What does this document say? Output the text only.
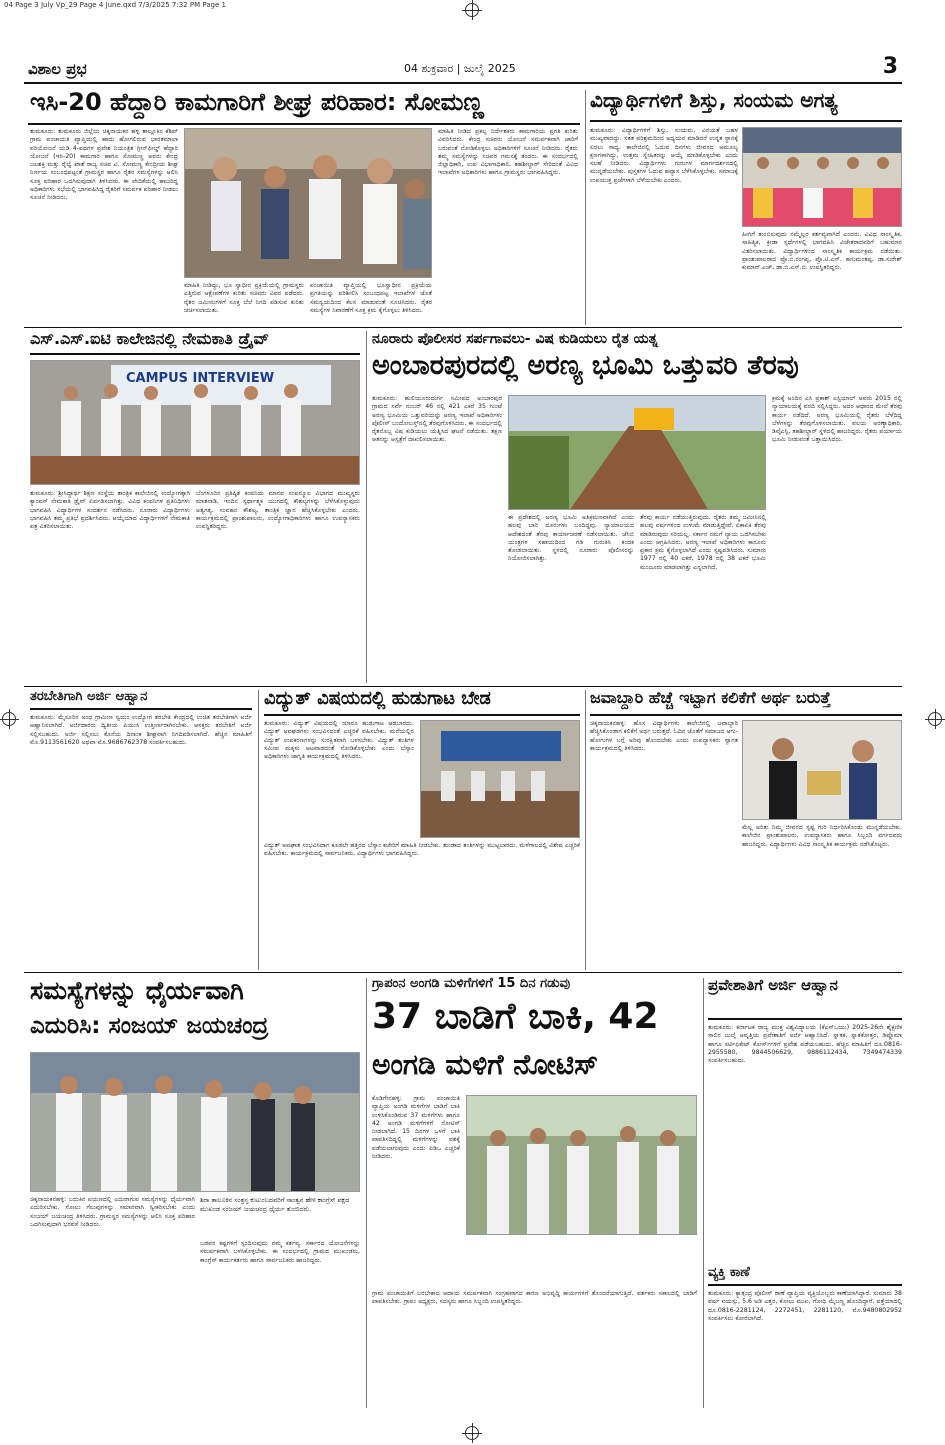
04 Page 3 July Vp_29 Page 4 June.qxd 7/3/2025 7:32 PM Page 1
ವಿಶಾಲ ಪ್ರಭ	04 ಶುಕ್ರವಾರ | ಜುಲೈ 2025	3
ಇಸಿ-20 ಹೆದ್ದಾರಿ ಕಾಮಗಾರಿಗೆ ಶೀಘ್ರ ಪರಿಹಾರ: ಸೋಮಣ್ಣ
ತುಮಕೂರು: ತುಮಕೂರು ಜಿಲ್ಲೆಯ ಚಿಕ್ಕನಾಯಕನ ಹಳ್ಳಿ ತಾಲ್ಲೂಕಿನ ಕೆಶಿಪ್ ಗ್ರಾಮ ಪಂಚಾಯತಿ ವ್ಯಾಪ್ತಿಯಲ್ಲಿ ಹಾದು ಹೋಗಲಿರುವ ಭಾರತಮಾಲಾ ಪರಿಯೋಜನೆ ಯಡಿ 4-ಪಥಗಳ ಪ್ರವೇಶ ನಿಯಂತ್ರಿತ ಗ್ರೀನ್‌ಫೀಲ್ಡ್ ಹೆದ್ದಾರಿ ಯೋಜನೆ (ಇಸಿ-20) ಕಾಮಗಾರಿ ಹಾಗೂ ಸೋಮಣ್ಣ ಅವರು ಕೇಂದ್ರ ಜಲಶಕ್ತಿ ಮತ್ತು ರೈಲ್ವೆ ಖಾತೆ ರಾಜ್ಯ ಸಚಿವ ವಿ. ಸೋಮಣ್ಣ ಕೇಂದ್ರೀಯ ಶೀಘ್ರ ನಿರ್ಣಯ ಸಂಬಂಧಪಟ್ಟಂತೆ ಗ್ರಾಮಸ್ಥರ ಹಾಗೂ ರೈತರ ಸಮಸ್ಯೆಗಳನ್ನು ಆಲಿಸಿ ಸೂಕ್ತ ಪರಿಹಾರ ಒದಗಿಸುವುದಾಗಿ ತಿಳಿಸಿದರು. ಈ ವೇದಿಕೆಯಲ್ಲಿ ಹಾಜರಿದ್ದ ಅಧಿಕಾರಿಗಳು ಸಭೆಯಲ್ಲಿ ಭಾಗವಹಿಸಿದ್ದ ರೈತರಿಗೆ ಸಮರ್ಪಕ ಪರಿಹಾರ ನೀಡಲು ಸೂಚನೆ ನೀಡಿದರು.
ಮಾಹಿತಿ ನೀಡಿದ್ದು, ಭೂ ಸ್ವಾಧೀನ ಪ್ರಕ್ರಿಯೆಯಲ್ಲಿ ಗ್ರಾಮಸ್ಥರು ಎತ್ತಿರುವ ಆಕ್ಷೇಪಣೆಗಳ ಕುರಿತು ಸಚಿವರು ವಿವರ ಪಡೆದರು. ರೈತರ ಜಮೀನುಗಳಿಗೆ ಸೂಕ್ತ ಬೆಲೆ ನಿಗದಿ ಪಡಿಸುವ ಕುರಿತು ಚರ್ಚಿಸಲಾಯಿತು.
ಪಂಚಾಯಿತಿ ವ್ಯಾಪ್ತಿಯಲ್ಲಿ ಭೂಸ್ವಾಧೀನ ಪ್ರಕ್ರಿಯೆಯ ಪ್ರಗತಿಯನ್ನು ಪರಿಶೀಲಿಸಿ ಸಂಬಂಧಪಟ್ಟ ಇಲಾಖೆಗಳ ಜೊತೆ ಸಮನ್ವಯದಿಂದ ಕೆಲಸ ಮಾಡುವಂತೆ ಸೂಚಿಸಿದರು. ರೈತರ ಸಮಸ್ಯೆಗಳ ನಿವಾರಣೆಗೆ ಸೂಕ್ತ ಕ್ರಮ ಕೈಗೊಳ್ಳಲು ತಿಳಿಸಿದರು.
ಮಾಹಿತಿ ನೀಡಿದ ಪ್ರಕಲ್ಪ ನಿರ್ದೇಶಕರು ಕಾಮಗಾರಿಯ ಪ್ರಗತಿ ಕುರಿತು ವಿವರಿಸಿದರು. ಕೇಂದ್ರ ಸಚಿವರು ಯೋಜನೆ ಸಮರ್ಪಕವಾಗಿ ಜಾರಿಗೆ ಬರುವಂತೆ ನೋಡಿಕೊಳ್ಳಲು ಅಧಿಕಾರಿಗಳಿಗೆ ಸೂಚನೆ ನೀಡಿದರು. ರೈತರು ತಮ್ಮ ಸಮಸ್ಯೆಗಳನ್ನು ಸಚಿವರ ಗಮನಕ್ಕೆ ತಂದರು. ಈ ಸಂದರ್ಭದಲ್ಲಿ ಜಿಲ್ಲಾಧಿಕಾರಿ, ಉಪ ವಿಭಾಗಾಧಿಕಾರಿ, ತಹಶೀಲ್ದಾರ್ ಸೇರಿದಂತೆ ವಿವಿಧ ಇಲಾಖೆಗಳ ಅಧಿಕಾರಿಗಳು ಹಾಗೂ ಗ್ರಾಮಸ್ಥರು ಭಾಗವಹಿಸಿದ್ದರು.
ವಿದ್ಯಾರ್ಥಿಗಳಿಗೆ ಶಿಸ್ತು, ಸಂಯಮ ಅಗತ್ಯ
ತುಮಕೂರು: ವಿದ್ಯಾರ್ಥಿಗಳಿಗೆ ಶಿಸ್ತು, ಸಂಯಮ, ವಿನಯತೆ ಬಹಳ ಮುಖ್ಯವಾದದ್ದು. ಸತತ ಪರಿಶ್ರಮದಿಂದ ಅಧ್ಯಯನ ಮಾಡಿದರೆ ಉನ್ನತ ಸ್ಥಾನಕ್ಕೆ ಏರಲು ಸಾಧ್ಯ. ಕಾಲೇಜಿನಲ್ಲಿ ಓದುವ ದಿನಗಳು ಜೀವನದ ಅಮೂಲ್ಯ ಕ್ಷಣಗಳಾಗಿದ್ದು, ಉತ್ತಮ ಸ್ನೇಹಿತರನ್ನು ಆಯ್ಕೆ ಮಾಡಿಕೊಳ್ಳಬೇಕು ಎಂದು ಸಲಹೆ ನೀಡಿದರು. ವಿದ್ಯಾರ್ಥಿಗಳು ಗುರುಗಳ ಮಾರ್ಗದರ್ಶನದಲ್ಲಿ ಮುನ್ನಡೆಯಬೇಕು. ಪುಸ್ತಕಗಳ ಓದುವ ಹವ್ಯಾಸ ಬೆಳೆಸಿಕೊಳ್ಳಬೇಕು. ಸಮಾಜಕ್ಕೆ ಉಪಯುಕ್ತ ಪ್ರಜೆಗಳಾಗಿ ಬೆಳೆಯಬೇಕು ಎಂದರು.
ಹೀಗಿಗೆ ತುಂಬಿಸುವುದು ನಮ್ಮೆಲ್ಲರ ಕರ್ತವ್ಯವಾಗಿದೆ ಎಂದರು. ವಿವಿಧ ಸಾಂಸ್ಕೃತಿಕ, ಸಾಹಿತ್ಯಿಕ, ಕ್ರೀಡಾ ಸ್ಪರ್ಧೆಗಳಲ್ಲಿ ಭಾಗವಹಿಸಿ ವಿಜೇತರಾದವರಿಗೆ ಬಹುಮಾನ ವಿತರಿಸಲಾಯಿತು. ವಿದ್ಯಾರ್ಥಿಗಳಿಂದ ಸಾಂಸ್ಕೃತಿಕ ಕಾರ್ಯಕ್ರಮ ನಡೆಯಿತು. ಪ್ರಾಂಶುಪಾಲರಾದ ಪ್ರೊ.ಬಿ.ರಂಗಪ್ಪ, ಪ್ರೊ.ಟಿ.ಎನ್. ಹನುಮಂತಪ್ಪ, ಡಾ.ಸುರೇಶ್ ಕುಮಾರ್.ಎಚ್, ಡಾ.ಬಿ.ಎಸ್.ಬಿ. ಉಪಸ್ಥಿತರಿದ್ದರು.
ಎಸ್.ಎಸ್.ಐಟಿ ಕಾಲೇಜಿನಲ್ಲಿ ನೇಮಕಾತಿ ಡ್ರೈವ್
CAMPUS INTERVIEW
ತುಮಕೂರು: ಶ್ರೀಸಿದ್ಧಾರ್ಥ ಶಿಕ್ಷಣ ಸಂಸ್ಥೆಯ ತಾಂತ್ರಿಕ ಕಾಲೇಜಿನಲ್ಲಿ ಉದ್ಯೋಗಕ್ಕಾಗಿ ಕ್ಯಾಂಪಸ್ ನೇಮಕಾತಿ ಡ್ರೈವ್ ಏರ್ಪಡಿಸಲಾಗಿತ್ತು. ವಿವಿಧ ಕಂಪನಿಗಳ ಪ್ರತಿನಿಧಿಗಳು ಭಾಗವಹಿಸಿ ವಿದ್ಯಾರ್ಥಿಗಳ ಸಂದರ್ಶನ ನಡೆಸಿದರು. ನೂರಾರು ವಿದ್ಯಾರ್ಥಿಗಳು ಭಾಗವಹಿಸಿ ತಮ್ಮ ಪ್ರತಿಭೆ ಪ್ರದರ್ಶಿಸಿದರು. ಆಯ್ಕೆಯಾದ ವಿದ್ಯಾರ್ಥಿಗಳಿಗೆ ನೇಮಕಾತಿ ಪತ್ರ ವಿತರಿಸಲಾಯಿತು.
ಬೆಂಗಳೂರಿನ ಪ್ರತಿಷ್ಠಿತ ಕಂಪನಿಯ ಮಾನವ ಸಂಪನ್ಮೂಲ ವಿಭಾಗದ ಮುಖ್ಯಸ್ಥರು ಮಾತನಾಡಿ, ಇಂದಿನ ಸ್ಪರ್ಧಾತ್ಮಕ ಯುಗದಲ್ಲಿ ಕೌಶಲ್ಯಗಳನ್ನು ಬೆಳೆಸಿಕೊಳ್ಳುವುದು ಅತ್ಯಗತ್ಯ. ಸಂವಹನ ಕೌಶಲ್ಯ, ತಾಂತ್ರಿಕ ಜ್ಞಾನ ಹೆಚ್ಚಿಸಿಕೊಳ್ಳಬೇಕು ಎಂದರು. ಕಾರ್ಯಕ್ರಮದಲ್ಲಿ ಪ್ರಾಂಶುಪಾಲರು, ಉದ್ಯೋಗಾಧಿಕಾರಿಗಳು ಹಾಗೂ ಉಪನ್ಯಾಸಕರು ಉಪಸ್ಥಿತರಿದ್ದರು.
ನೂರಾರು ಪೊಲೀಸರ ಸರ್ಪಗಾವಲು- ವಿಷ ಕುಡಿಯಲು ರೈತ ಯತ್ನ
ಅಂಬಾರಪುರದಲ್ಲಿ ಅರಣ್ಯ ಭೂಮಿ ಒತ್ತುವರಿ ತೆರವು
ತುಮಕೂರು: ಹುಲಿಯೂರುದುರ್ಗ ಸಮೀಪದ ಅಂಬಾರಪುರ ಗ್ರಾಮದ ಸರ್ವೆ ನಂಬರ್ 46 ರಲ್ಲಿ 421 ಎಕರೆ 35 ಗುಂಟೆ ಅರಣ್ಯ ಭೂಮಿಯ ಒತ್ತುವರಿಯನ್ನು ಅರಣ್ಯ ಇಲಾಖೆ ಅಧಿಕಾರಿಗಳು ಪೊಲೀಸ್ ಬಂದೋಬಸ್ತ್‌ನಲ್ಲಿ ತೆರವುಗೊಳಿಸಿದರು. ಈ ಸಂದರ್ಭದಲ್ಲಿ ರೈತನೊಬ್ಬ ವಿಷ ಕುಡಿಯಲು ಯತ್ನಿಸಿದ ಘಟನೆ ನಡೆಯಿತು. ತಕ್ಷಣ ಆತನನ್ನು ಆಸ್ಪತ್ರೆಗೆ ದಾಖಲಿಸಲಾಯಿತು.
ಈ ಪ್ರದೇಶದಲ್ಲಿ ಅರಣ್ಯ ಭೂಮಿ ಅತಿಕ್ರಮಣವಾಗಿದೆ ಎಂದು ಹಲವು ಬಾರಿ ದೂರುಗಳು ಬಂದಿದ್ದವು. ನ್ಯಾಯಾಲಯದ ಆದೇಶದಂತೆ ತೆರವು ಕಾರ್ಯಾಚರಣೆ ನಡೆಸಲಾಯಿತು. ಜೆಸಿಬಿ ಯಂತ್ರಗಳ ಸಹಾಯದಿಂದ ಗಡಿ ಗುರುತಿಸಿ ಕಂದಕ ತೋಡಲಾಯಿತು. ಸ್ಥಳದಲ್ಲಿ ನೂರಾರು ಪೊಲೀಸರನ್ನು ನಿಯೋಜಿಸಲಾಗಿತ್ತು.
ತೆರವು ಕಾರ್ಯ ನಡೆಯುತ್ತಿರುವುದು. ರೈತರು ತಮ್ಮ ಜಮೀನಿನಲ್ಲಿ ಹಲವು ವರ್ಷಗಳಿಂದ ಉಳುಮೆ ಮಾಡುತ್ತಿದ್ದೇವೆ. ಏಕಾಏಕಿ ತೆರವು ಮಾಡಿರುವುದು ಸರಿಯಲ್ಲ. ಸರ್ಕಾರ ನಮಗೆ ನ್ಯಾಯ ಒದಗಿಸಬೇಕು ಎಂದು ಆಗ್ರಹಿಸಿದರು. ಅರಣ್ಯ ಇಲಾಖೆ ಅಧಿಕಾರಿಗಳು ಕಾನೂನು ಪ್ರಕಾರ ಕ್ರಮ ಕೈಗೊಳ್ಳಲಾಗಿದೆ ಎಂದು ಸ್ಪಷ್ಟಪಡಿಸಿದರು. ಸುಮಾರು 1977 ರಲ್ಲಿ 40 ಎಕರೆ, 1978 ರಲ್ಲಿ 38 ಎಕರೆ ಭೂಮಿ ಮಂಜೂರು ಮಾಡಲಾಗಿತ್ತು ಎನ್ನಲಾಗಿದೆ.
ಕ್ರಮಕ್ಕೆ ಅಂದಿನ ಎಸಿ ಪ್ರಕಾಶ್ ಎಸ್ಟಿಯಾಲ್ ಅವರು 2015 ರಲ್ಲಿ ನ್ಯಾಯಾಲಯಕ್ಕೆ ವರದಿ ಸಲ್ಲಿಸಿದ್ದರು. ಅದರ ಆಧಾರದ ಮೇಲೆ ತೆರವು ಕಾರ್ಯ ನಡೆದಿದೆ. ಅರಣ್ಯ ಭೂಮಿಯಲ್ಲಿ ರೈತರು ಬೆಳೆದಿದ್ದ ಬೆಳೆಗಳನ್ನು ತೆರವುಗೊಳಿಸಲಾಯಿತು. ವಲಯ ಅರಣ್ಯಾಧಿಕಾರಿ, ಡಿವೈಎಸ್ಪಿ, ತಹಶೀಲ್ದಾರ್ ಸ್ಥಳದಲ್ಲಿ ಹಾಜರಿದ್ದರು. ರೈತರು ಪರ್ಯಾಯ ಭೂಮಿ ನೀಡುವಂತೆ ಒತ್ತಾಯಿಸಿದರು.
ತರಬೇತಿಗಾಗಿ ಅರ್ಜಿ ಆಹ್ವಾನ
ತುಮಕೂರು: ಮೈಸೂರಿನ ಅಂಧ ಗ್ರಾಮೀಣ ಸ್ವಯಂ ಉದ್ಯೋಗ ತರಬೇತಿ ಕೇಂದ್ರದಲ್ಲಿ ಉಚಿತ ತರಬೇತಿಗಾಗಿ ಅರ್ಜಿ ಆಹ್ವಾನಿಸಲಾಗಿದೆ. ಅರ್ಜಿದಾರರು ದ್ವಿತೀಯ ಪಿಯುಸಿ ಉತ್ತೀರ್ಣರಾಗಿರಬೇಕು. ಆಸಕ್ತರು ತರಬೇತಿಗೆ ಅರ್ಜಿ ಸಲ್ಲಿಸಬಹುದು. ಅರ್ಜಿ ಸಲ್ಲಿಸಲು ಕೊನೆಯ ದಿನಾಂಕ ಶೀಘ್ರವಾಗಿ ನಿಗದಿಪಡಿಸಲಾಗಿದೆ. ಹೆಚ್ಚಿನ ಮಾಹಿತಿಗೆ ಮೊ.9113561620 ಅಥವಾ ಮೊ.9686762378 ಸಂಪರ್ಕಿಸಬಹುದು.
ವಿದ್ಯುತ್ ವಿಷಯದಲ್ಲಿ ಹುಡುಗಾಟ ಬೇಡ
ತುಮಕೂರು: ವಿದ್ಯುತ್ ವಿಷಯದಲ್ಲಿ ಯಾರೂ ಹುಡುಗಾಟ ಆಡಬಾರದು. ವಿದ್ಯುತ್ ಅವಘಡಗಳು ಸಂಭವಿಸದಂತೆ ಎಚ್ಚರಿಕೆ ವಹಿಸಬೇಕು. ಮನೆಯಲ್ಲಿನ ವಿದ್ಯುತ್ ಉಪಕರಣಗಳನ್ನು ಸುರಕ್ಷಿತವಾಗಿ ಬಳಸಬೇಕು. ವಿದ್ಯುತ್ ತಂತಿಗಳ ಸಮೀಪ ಮಕ್ಕಳು ಆಟವಾಡದಂತೆ ನೋಡಿಕೊಳ್ಳಬೇಕು ಎಂದು ಬೆಸ್ಕಾಂ ಅಧಿಕಾರಿಗಳು ಜಾಗೃತಿ ಕಾರ್ಯಕ್ರಮದಲ್ಲಿ ತಿಳಿಸಿದರು.
ವಿದ್ಯುತ್ ಅಪಘಾತ ಸಂಭವಿಸಿದಾಗ ಕೂಡಲೇ ಹತ್ತಿರದ ಬೆಸ್ಕಾಂ ಕಚೇರಿಗೆ ಮಾಹಿತಿ ನೀಡಬೇಕು. ತುಂಡಾದ ತಂತಿಗಳನ್ನು ಮುಟ್ಟಬಾರದು. ಮಳೆಗಾಲದಲ್ಲಿ ವಿಶೇಷ ಎಚ್ಚರಿಕೆ ವಹಿಸಬೇಕು. ಕಾರ್ಯಕ್ರಮದಲ್ಲಿ ಸಾರ್ವಜನಿಕರು, ವಿದ್ಯಾರ್ಥಿಗಳು ಭಾಗವಹಿಸಿದ್ದರು.
ಜವಾಬ್ದಾರಿ ಹೆಚ್ಚೆ ಇಟ್ಟಾಗ ಕಲಿಕೆಗೆ ಅರ್ಥ ಬರುತ್ತೆ
ಚಿಕ್ಕನಾಯಕನಹಳ್ಳಿ: ಹೊಸ ವಿದ್ಯಾರ್ಥಿಗಳು ಕಾಲೇಜಿನಲ್ಲಿ ಜವಾಬ್ದಾರಿ ಹೆಚ್ಚಿಸಿಕೊಂಡಾಗ ಕಲಿಕೆಗೆ ಅರ್ಥ ಬರುತ್ತದೆ. ಓದಿನ ಜೊತೆಗೆ ಸಮಾಜದ ಆಗು-ಹೋಗುಗಳ ಬಗ್ಗೆ ಅರಿವು ಹೊಂದಬೇಕು ಎಂದು ಉಪನ್ಯಾಸಕರು ಸ್ವಾಗತ ಕಾರ್ಯಕ್ರಮದಲ್ಲಿ ತಿಳಿಸಿದರು.
ಮೆಲ್ಲ ಅರಿತು ನಿಮ್ಮ ಜೀವನದ ಸ್ಪಷ್ಟ ಗುರಿ ನಿರ್ಧರಿಸಿಕೊಂಡು ಮುನ್ನಡೆಯಬೇಕು. ಕಾಲೇಜಿನ ಪ್ರಾಂಶುಪಾಲರು, ಉಪನ್ಯಾಸಕರು ಹಾಗೂ ಸಿಬ್ಬಂದಿ ವರ್ಗದವರು ಹಾಜರಿದ್ದರು. ವಿದ್ಯಾರ್ಥಿಗಳು ವಿವಿಧ ಸಾಂಸ್ಕೃತಿಕ ಕಾರ್ಯಕ್ರಮ ನಡೆಸಿಕೊಟ್ಟರು.
ಸಮಸ್ಯೆಗಳನ್ನು ಧೈರ್ಯವಾಗಿ
ಎದುರಿಸಿ: ಸಂಜಯ್ ಜಯಚಂದ್ರ
ಚಿಕ್ಕನಾಯಕನಹಳ್ಳಿ: ಬದುಕಿನ ಪಯಣದಲ್ಲಿ ಎದುರಾಗುವ ಸಮಸ್ಯೆಗಳನ್ನು ಧೈರ್ಯವಾಗಿ ಎದುರಿಸಬೇಕು. ಸೋಲು ಗೆಲುವುಗಳನ್ನು ಸಮಾನವಾಗಿ ಸ್ವೀಕರಿಸಬೇಕು ಎಂದು ಸಂಜಯ್ ಜಯಚಂದ್ರ ತಿಳಿಸಿದರು. ಗ್ರಾಮಸ್ಥರ ಸಮಸ್ಯೆಗಳನ್ನು ಆಲಿಸಿ ಸೂಕ್ತ ಪರಿಹಾರ ಒದಗಿಸುವುದಾಗಿ ಭರವಸೆ ನೀಡಿದರು.
ಶಿರಾ ತಾಲೂಕಿನ ಸಂತ್ರಸ್ತ ಕುಟುಂಬದವರಿಗೆ ಸಾಂತ್ವನ ಹೇಳಿ ಕಾಂಗ್ರೆಸ್ ಪಕ್ಷದ ಮುಖಂಡ ಸಂಜಯ್ ಜಯಚಂದ್ರ ಧೈರ್ಯ ತುಂಬಿದರು.
ಬಡವರ ಕಷ್ಟಗಳಿಗೆ ಸ್ಪಂದಿಸುವುದು ನಮ್ಮ ಕರ್ತವ್ಯ. ಸರ್ಕಾರದ ಯೋಜನೆಗಳನ್ನು ಸಮರ್ಪಕವಾಗಿ ಬಳಸಿಕೊಳ್ಳಬೇಕು. ಈ ಸಂದರ್ಭದಲ್ಲಿ ಗ್ರಾಮದ ಮುಖಂಡರು, ಕಾಂಗ್ರೆಸ್ ಕಾರ್ಯಕರ್ತರು ಹಾಗೂ ಸಾರ್ವಜನಿಕರು ಹಾಜರಿದ್ದರು.
ಗ್ರಾಪಂನ ಅಂಗಡಿ ಮಳಿಗೆಗಳಿಗೆ 15 ದಿನ ಗಡುವು
37 ಬಾಡಿಗೆ ಬಾಕಿ, 42
ಅಂಗಡಿ ಮಳಿಗೆ ನೋಟಿಸ್
ಕೊಡಿಗೇನಹಳ್ಳಿ: ಗ್ರಾಮ ಪಂಚಾಯಿತಿ ವ್ಯಾಪ್ತಿಯ ಅಂಗಡಿ ಮಳಿಗೆಗಳ ಬಾಡಿಗೆ ಬಾಕಿ ಉಳಿಸಿಕೊಂಡಿರುವ 37 ಮಳಿಗೆಗಳು ಹಾಗೂ 42 ಅಂಗಡಿ ಮಳಿಗೆಗಳಿಗೆ ನೋಟಿಸ್ ನೀಡಲಾಗಿದೆ. 15 ದಿನಗಳ ಒಳಗೆ ಬಾಕಿ ಪಾವತಿಸದಿದ್ದಲ್ಲಿ ಮಳಿಗೆಗಳನ್ನು ವಶಕ್ಕೆ ಪಡೆಯಲಾಗುವುದು ಎಂದು ಪಿಡಿಒ ಎಚ್ಚರಿಕೆ ನೀಡಿದರು.
ಗ್ರಾಮ ಪಂಚಾಯಿತಿಗೆ ಬರಬೇಕಾದ ಆದಾಯ ಸಮರ್ಪಕವಾಗಿ ಸಂಗ್ರಹವಾಗದ ಕಾರಣ ಅಭಿವೃದ್ಧಿ ಕಾರ್ಯಗಳಿಗೆ ತೊಂದರೆಯಾಗುತ್ತಿದೆ. ವರ್ತಕರು ಸಕಾಲದಲ್ಲಿ ಬಾಡಿಗೆ ಪಾವತಿಸಬೇಕು. ಗ್ರಾಪಂ ಅಧ್ಯಕ್ಷರು, ಸದಸ್ಯರು ಹಾಗೂ ಸಿಬ್ಬಂದಿ ಉಪಸ್ಥಿತರಿದ್ದರು.
ಪ್ರವೇಶಾತಿಗೆ ಅರ್ಜಿ ಆಹ್ವಾನ
ತುಮಕೂರು: ಕರ್ನಾಟಕ ರಾಜ್ಯ ಮುಕ್ತ ವಿಶ್ವವಿದ್ಯಾಲಯ (ಕೆಎಸ್‌ಒಯು) 2025-26ನೇ ಶೈಕ್ಷಣಿಕ ಸಾಲಿನ ಜುಲೈ ಆವೃತ್ತಿಯ ಪ್ರವೇಶಾತಿಗೆ ಅರ್ಜಿ ಆಹ್ವಾನಿಸಿದೆ. ಸ್ನಾತಕ, ಸ್ನಾತಕೋತ್ತರ, ಡಿಪ್ಲೊಮಾ ಹಾಗೂ ಸರ್ಟಿಫಿಕೇಟ್ ಕೋರ್ಸ್‌ಗಳಿಗೆ ಪ್ರವೇಶ ಪಡೆಯಬಹುದು. ಹೆಚ್ಚಿನ ಮಾಹಿತಿಗೆ ದೂ.0816-2955580, 9844506629, 9886112434, 7349474339 ಸಂಪರ್ಕಿಸಬಹುದು.
ವ್ಯಕ್ತಿ ಕಾಣೆ
ತುಮಕೂರು: ಕ್ಯಾತ್ಸಂದ್ರ ಪೊಲೀಸ್ ಠಾಣೆ ವ್ಯಾಪ್ತಿಯ ವ್ಯಕ್ತಿಯೊಬ್ಬರು ಕಾಣೆಯಾಗಿದ್ದಾರೆ. ಸುಮಾರು 38 ವರ್ಷ ವಯಸ್ಸು, 5.6 ಅಡಿ ಎತ್ತರ, ಕೋಲು ಮುಖ, ಗೋಧಿ ಮೈಬಣ್ಣ ಹೊಂದಿದ್ದಾರೆ. ಪತ್ತೆಯಾದಲ್ಲಿ ದೂ.0816-2281124, 2272451, 2281120, ಮೊ.9480802952 ಸಂಪರ್ಕಿಸಲು ಕೋರಲಾಗಿದೆ.
